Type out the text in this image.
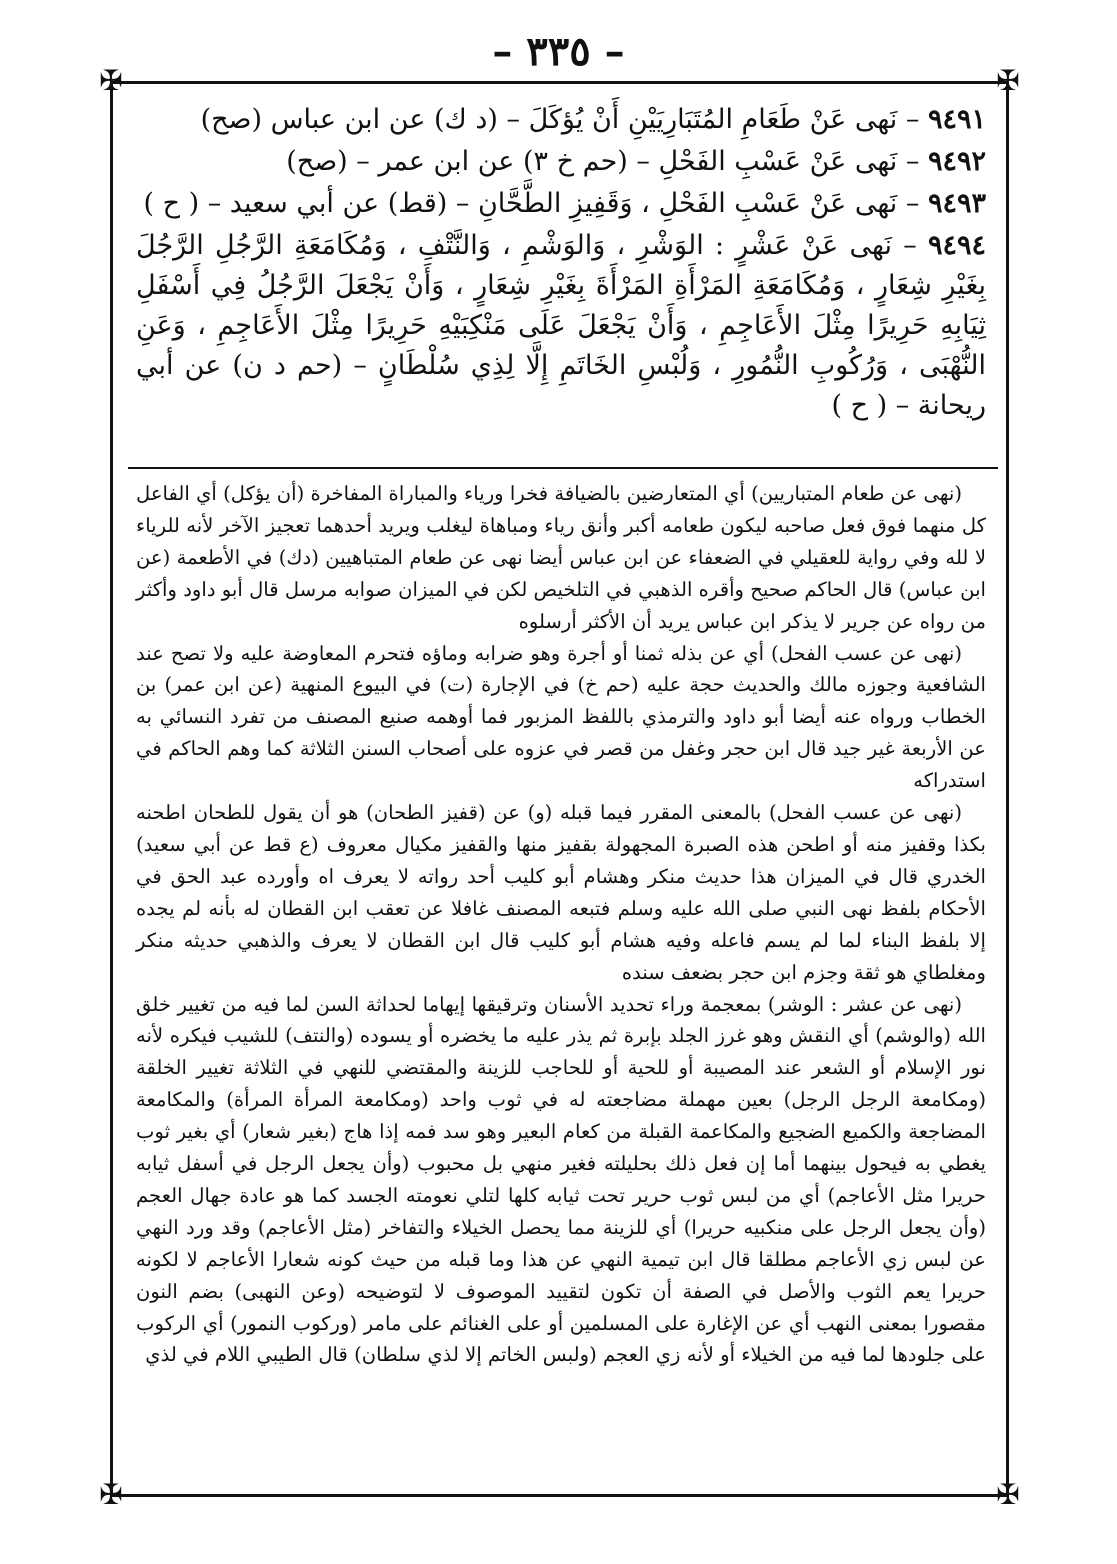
– ٣٣٥ –
✠	✠
✠	✠

٩٤٩١ – نَهى عَنْ طَعَامِ المُتَبَارِيَيْنِ أَنْ يُؤكَلَ – (د ك) عن ابن عباس (صح)

٩٤٩٢ – نَهى عَنْ عَسْبِ الفَحْلِ – (حم خ ٣) عن ابن عمر – (صح)

٩٤٩٣ – نَهى عَنْ عَسْبِ الفَحْلِ ، وَقَفِيزِ الطَّحَّانِ – (قط) عن أبي سعيد – ( ح )

٩٤٩٤ – نَهى عَنْ عَشْرٍ : الوَشْرِ ، وَالوَشْمِ ، وَالنَّتْفِ ، وَمُكَامَعَةِ الرَّجُلِ الرَّجُلَ بِغَيْرِ شِعَارٍ ، وَمُكَامَعَةِ المَرْأَةِ المَرْأَةَ بِغَيْرِ شِعَارٍ ، وَأَنْ يَجْعَلَ الرَّجُلُ فِي أَسْفَلِ ثِيَابِهِ حَرِيرًا مِثْلَ الأَعَاجِمِ ، وَأَنْ يَجْعَلَ عَلَى مَنْكِبَيْهِ حَرِيرًا مِثْلَ الأَعَاجِمِ ، وَعَنِ النُّهْبَى ، وَرُكُوبِ النُّمُورِ ، وَلُبْسِ الخَاتَمِ إِلَّا لِذِي سُلْطَانٍ – (حم د ن) عن أبي ريحانة – ( ح )

(نهى عن طعام المتباريين) أي المتعارضين بالضيافة فخرا ورياء والمباراة المفاخرة (أن يؤكل) أي الفاعل كل منهما فوق فعل صاحبه ليكون طعامه أكبر وأنق رياء ومباهاة ليغلب ويريد أحدهما تعجيز الآخر لأنه للرياء لا لله وفي رواية للعقيلي في الضعفاء عن ابن عباس أيضا نهى عن طعام المتباهيين (دك) في الأطعمة (عن ابن عباس) قال الحاكم صحيح وأقره الذهبي في التلخيص لكن في الميزان صوابه مرسل قال أبو داود وأكثر من رواه عن جرير لا يذكر ابن عباس يريد أن الأكثر أرسلوه

(نهى عن عسب الفحل) أي عن بذله ثمنا أو أجرة وهو ضرابه وماؤه فتحرم المعاوضة عليه ولا تصح عند الشافعية وجوزه مالك والحديث حجة عليه (حم خ) في الإجارة (ت) في البيوع المنهية (عن ابن عمر) بن الخطاب ورواه عنه أيضا أبو داود والترمذي باللفظ المزبور فما أوهمه صنيع المصنف من تفرد النسائي به عن الأربعة غير جيد قال ابن حجر وغفل من قصر في عزوه على أصحاب السنن الثلاثة كما وهم الحاكم في استدراكه

(نهى عن عسب الفحل) بالمعنى المقرر فيما قبله (و) عن (قفيز الطحان) هو أن يقول للطحان اطحنه بكذا وقفيز منه أو اطحن هذه الصبرة المجهولة بقفيز منها والقفيز مكيال معروف (ع قط عن أبي سعيد) الخدري قال في الميزان هذا حديث منكر وهشام أبو كليب أحد رواته لا يعرف اه وأورده عبد الحق في الأحكام بلفظ نهى النبي صلى الله عليه وسلم فتبعه المصنف غافلا عن تعقب ابن القطان له بأنه لم يجده إلا بلفظ البناء لما لم يسم فاعله وفيه هشام أبو كليب قال ابن القطان لا يعرف والذهبي حديثه منكر ومغلطاي هو ثقة وجزم ابن حجر بضعف سنده

(نهى عن عشر : الوشر) بمعجمة وراء تحديد الأسنان وترقيقها إيهاما لحداثة السن لما فيه من تغيير خلق الله (والوشم) أي النقش وهو غرز الجلد بإبرة ثم يذر عليه ما يخضره أو يسوده (والنتف) للشيب فيكره لأنه نور الإسلام أو الشعر عند المصيبة أو للحية أو للحاجب للزينة والمقتضي للنهي في الثلاثة تغيير الخلقة (ومكامعة الرجل الرجل) بعين مهملة مضاجعته له في ثوب واحد (ومكامعة المرأة المرأة) والمكامعة المضاجعة والكميع الضجيع والمكاعمة القبلة من كعام البعير وهو سد فمه إذا هاج (بغير شعار) أي بغير ثوب يغطي به فيحول بينهما أما إن فعل ذلك بحليلته فغير منهي بل محبوب (وأن يجعل الرجل في أسفل ثيابه حريرا مثل الأعاجم) أي من لبس ثوب حرير تحت ثيابه كلها لتلي نعومته الجسد كما هو عادة جهال العجم (وأن يجعل الرجل على منكبيه حريرا) أي للزينة مما يحصل الخيلاء والتفاخر (مثل الأعاجم) وقد ورد النهي عن لبس زي الأعاجم مطلقا قال ابن تيمية النهي عن هذا وما قبله من حيث كونه شعارا الأعاجم لا لكونه حريرا يعم الثوب والأصل في الصفة أن تكون لتقييد الموصوف لا لتوضيحه (وعن النهبى) بضم النون مقصورا بمعنى النهب أي عن الإغارة على المسلمين أو على الغنائم على مامر (وركوب النمور) أي الركوب على جلودها لما فيه من الخيلاء أو لأنه زي العجم (ولبس الخاتم إلا لذي سلطان) قال الطيبي اللام في لذي
